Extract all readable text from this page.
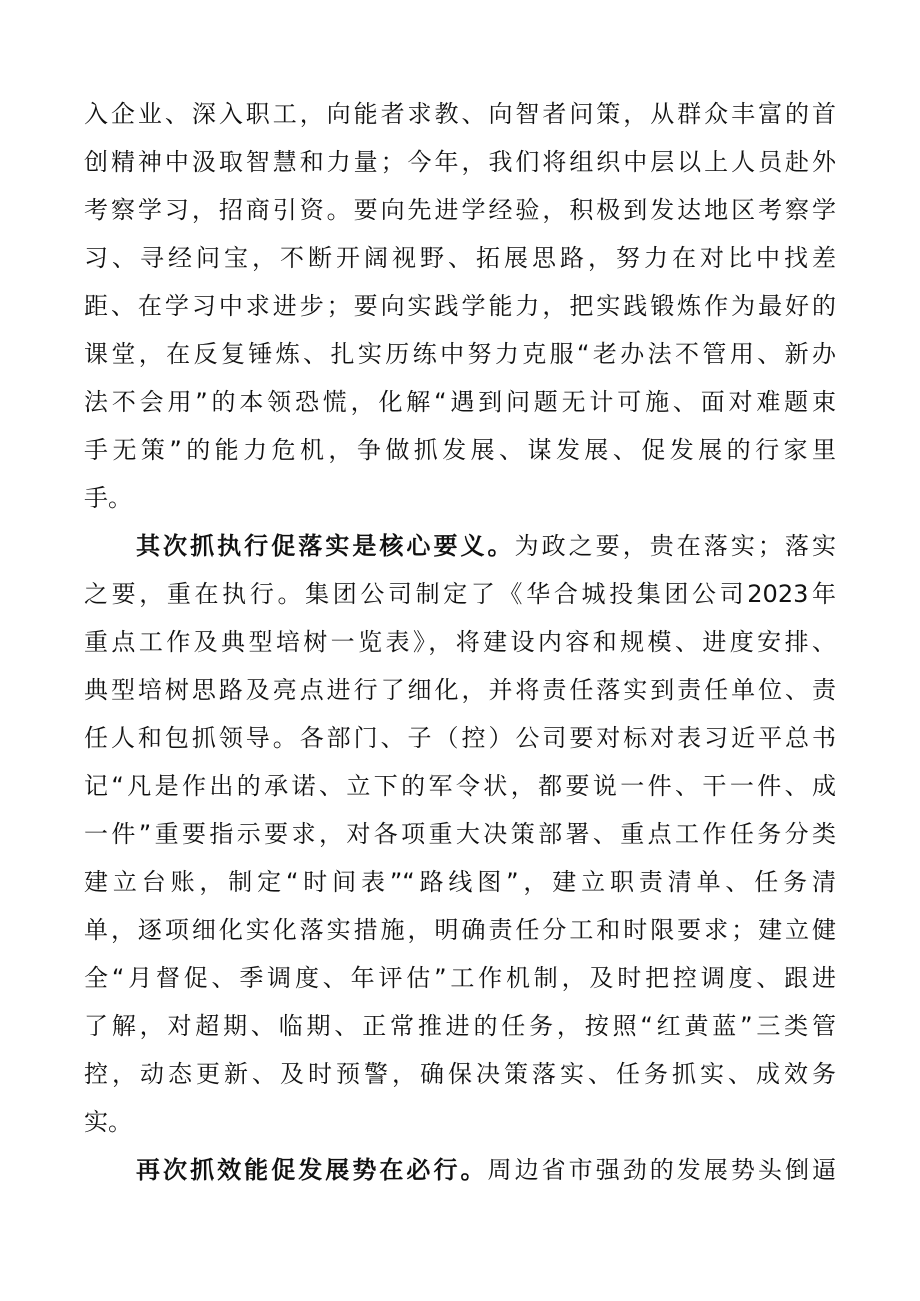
入企业、深入职工，向能者求教、向智者问策，从群众丰富的首
创精神中汲取智慧和力量；今年，我们将组织中层以上人员赴外
考察学习，招商引资。要向先进学经验，积极到发达地区考察学
习、寻经问宝，不断开阔视野、拓展思路，努力在对比中找差
距、在学习中求进步；要向实践学能力，把实践锻炼作为最好的
课堂，在反复锤炼、扎实历练中努力克服“老办法不管用、新办
法不会用”的本领恐慌，化解“遇到问题无计可施、面对难题束
手无策”的能力危机，争做抓发展、谋发展、促发展的行家里
手。
其次抓执行促落实是核心要义。为政之要，贵在落实；落实
之要，重在执行。集团公司制定了《华合城投集团公司2023年
重点工作及典型培树一览表》，将建设内容和规模、进度安排、
典型培树思路及亮点进行了细化，并将责任落实到责任单位、责
任人和包抓领导。各部门、子（控）公司要对标对表习近平总书
记“凡是作出的承诺、立下的军令状，都要说一件、干一件、成
一件”重要指示要求，对各项重大决策部署、重点工作任务分类
建立台账，制定“时间表”“路线图”，建立职责清单、任务清
单，逐项细化实化落实措施，明确责任分工和时限要求；建立健
全“月督促、季调度、年评估”工作机制，及时把控调度、跟进
了解，对超期、临期、正常推进的任务，按照“红黄蓝”三类管
控，动态更新、及时预警，确保决策落实、任务抓实、成效务
实。
再次抓效能促发展势在必行。周边省市强劲的发展势头倒逼
